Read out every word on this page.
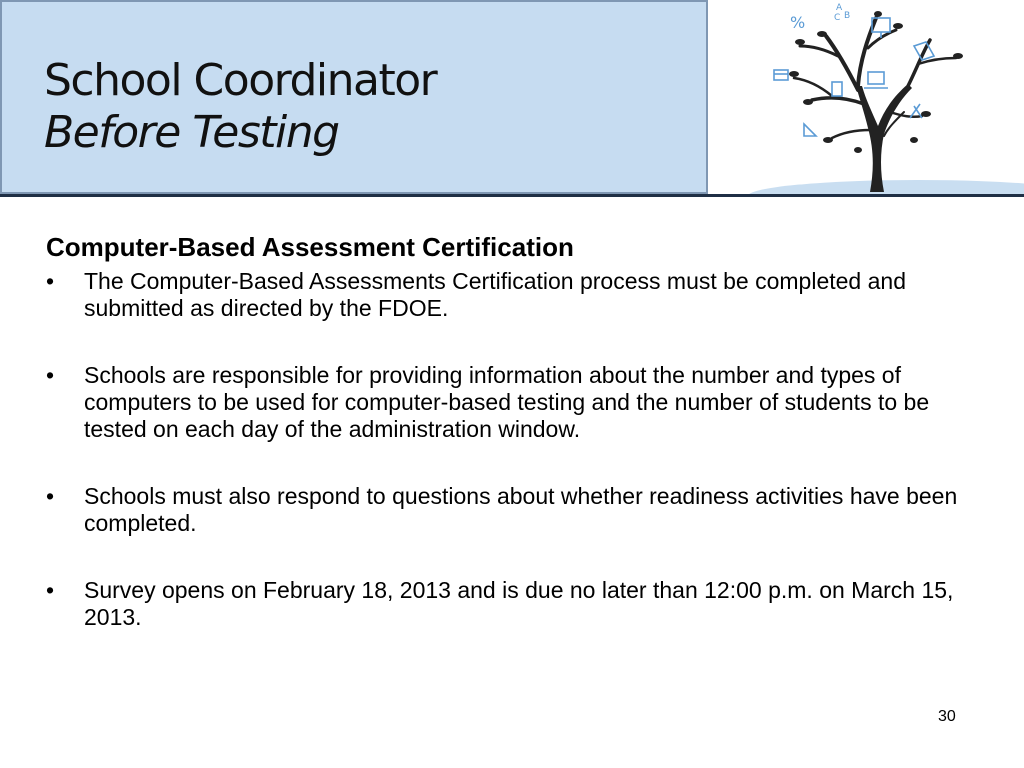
School Coordinator
Before Testing
%
A
C B
Computer-Based Assessment Certification
• The Computer-Based Assessments Certification process must be completed and submitted as directed by the FDOE.
• Schools are responsible for providing information about the number and types of computers to be used for computer-based testing and the number of students to be tested on each day of the administration window.
• Schools must also respond to questions about whether readiness activities have been completed.
• Survey opens on February 18, 2013 and is due no later than 12:00 p.m. on March 15, 2013.
30
